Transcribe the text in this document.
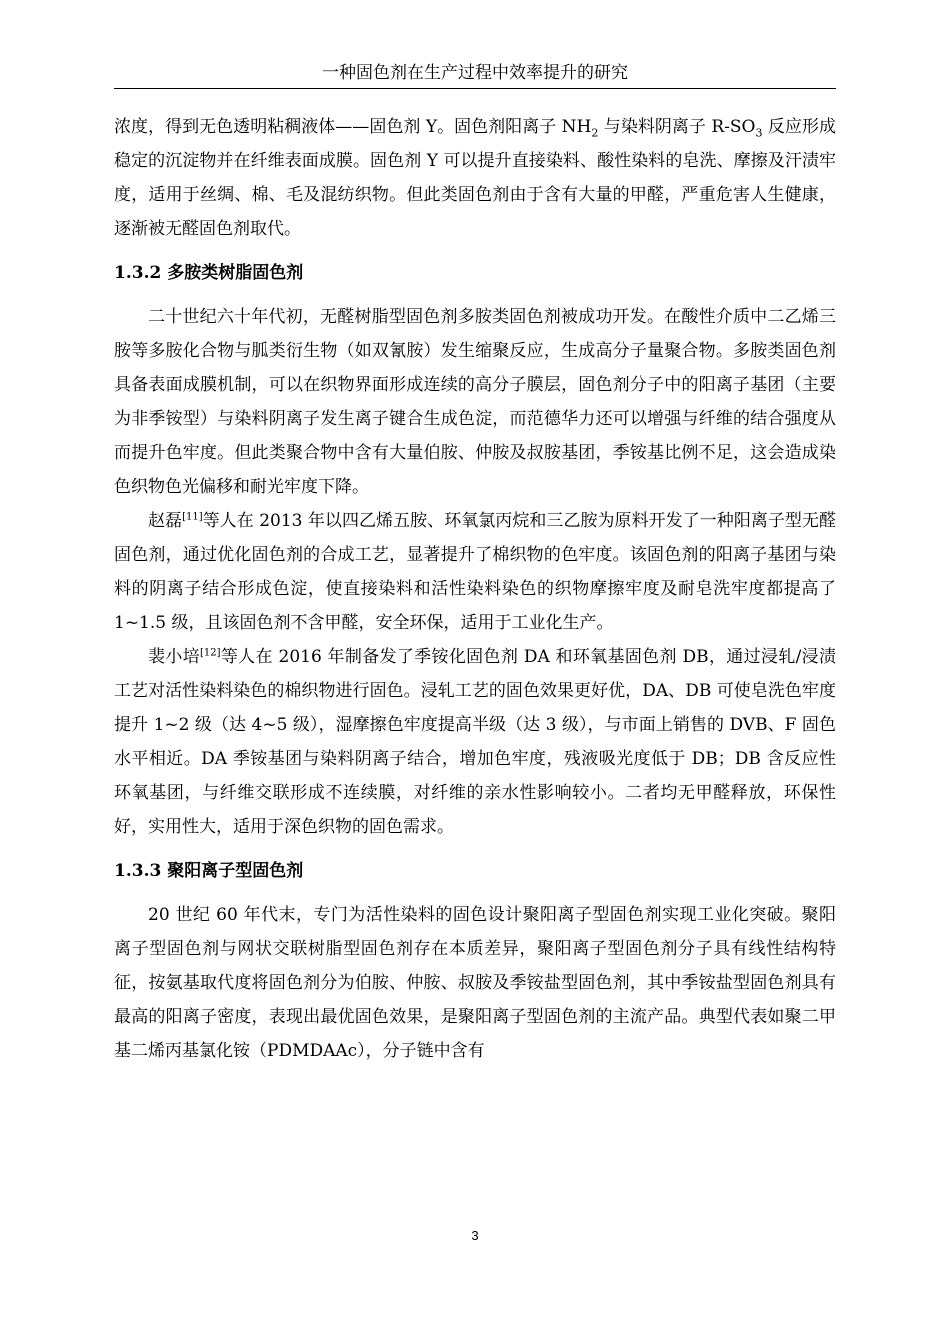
一种固色剂在生产过程中效率提升的研究

浓度，得到无色透明粘稠液体——固色剂 Y。固色剂阳离子 $NH_2$ 与染料阴离子 $R-SO_3$ 反应形成稳定的沉淀物并在纤维表面成膜。固色剂 Y 可以提升直接染料、酸性染料的皂洗、摩擦及汗渍牢度，适用于丝绸、棉、毛及混纺织物。但此类固色剂由于含有大量的甲醛，严重危害人生健康，逐渐被无醛固色剂取代。

1.3.2 多胺类树脂固色剂

二十世纪六十年代初，无醛树脂型固色剂多胺类固色剂被成功开发。在酸性介质中二乙烯三胺等多胺化合物与胍类衍生物（如双氰胺）发生缩聚反应，生成高分子量聚合物。多胺类固色剂具备表面成膜机制，可以在织物界面形成连续的高分子膜层，固色剂分子中的阳离子基团（主要为非季铵型）与染料阴离子发生离子键合生成色淀，而范德华力还可以增强与纤维的结合强度从而提升色牢度。但此类聚合物中含有大量伯胺、仲胺及叔胺基团，季铵基比例不足，这会造成染色织物色光偏移和耐光牢度下降。

赵磊[11]等人在 2013 年以四乙烯五胺、环氧氯丙烷和三乙胺为原料开发了一种阳离子型无醛固色剂，通过优化固色剂的合成工艺，显著提升了棉织物的色牢度。该固色剂的阳离子基团与染料的阴离子结合形成色淀，使直接染料和活性染料染色的织物摩擦牢度及耐皂洗牢度都提高了 1~1.5 级，且该固色剂不含甲醛，安全环保，适用于工业化生产。

裴小培[12]等人在 2016 年制备发了季铵化固色剂 DA 和环氧基固色剂 DB，通过浸轧/浸渍工艺对活性染料染色的棉织物进行固色。浸轧工艺的固色效果更好优，DA、DB 可使皂洗色牢度提升 1~2 级（达 4~5 级），湿摩擦色牢度提高半级（达 3 级），与市面上销售的 DVB、F 固色水平相近。DA 季铵基团与染料阴离子结合，增加色牢度，残液吸光度低于 DB；DB 含反应性环氧基团，与纤维交联形成不连续膜，对纤维的亲水性影响较小。二者均无甲醛释放，环保性好，实用性大，适用于深色织物的固色需求。

1.3.3 聚阳离子型固色剂

20 世纪 60 年代末，专门为活性染料的固色设计聚阳离子型固色剂实现工业化突破。聚阳离子型固色剂与网状交联树脂型固色剂存在本质差异，聚阳离子型固色剂分子具有线性结构特征，按氨基取代度将固色剂分为伯胺、仲胺、叔胺及季铵盐型固色剂，其中季铵盐型固色剂具有最高的阳离子密度，表现出最优固色效果，是聚阳离子型固色剂的主流产品。典型代表如聚二甲基二烯丙基氯化铵（PDMDAAc），分子链中含有

3
